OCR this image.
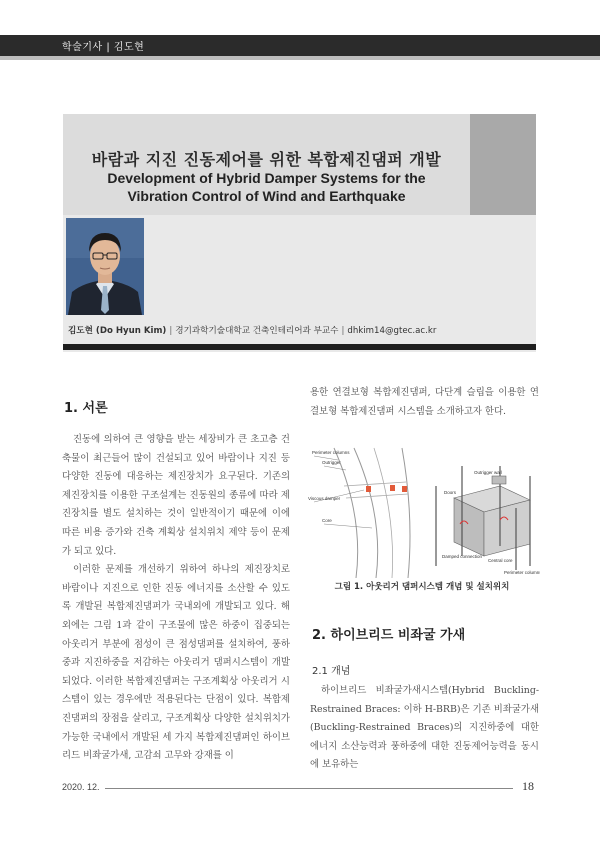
학술기사 | 김도현
바람과 지진 진동제어를 위한 복합제진댐퍼 개발
Development of Hybrid Damper Systems for the
Vibration Control of Wind and Earthquake
김도현 (Do Hyun Kim) | 경기과학기술대학교 건축인테리어과 부교수 | dhkim14@gtec.ac.kr
1. 서론

진동에 의하여 큰 영향을 받는 세장비가 큰 초고층 건축물이 최근들어 많이 건설되고 있어 바람이나 지진 등 다양한 진동에 대응하는 제진장치가 요구된다. 기존의 제진장치를 이용한 구조설계는 진동원의 종류에 따라 제진장치를 별도 설치하는 것이 일반적이기 때문에 이에 따른 비용 증가와 건축 계획상 설치위치 제약 등이 문제가 되고 있다.

이러한 문제를 개선하기 위하여 하나의 제진장치로 바람이나 지진으로 인한 진동 에너지를 소산할 수 있도록 개발된 복합제진댐퍼가 국내외에 개발되고 있다. 해외에는 그림 1과 같이 구조물에 많은 하중이 집중되는 아웃리거 부분에 점성이 큰 점성댐퍼를 설치하여, 풍하중과 지진하중을 저감하는 아웃리거 댐퍼시스템이 개발되었다. 이러한 복합제진댐퍼는 구조계획상 아웃리거 시스템이 있는 경우에만 적용된다는 단점이 있다. 복합제진댐퍼의 장점을 살리고, 구조계획상 다양한 설치위치가 가능한 국내에서 개발된 세 가지 복합제진댐퍼인 하이브리드 비좌굴가새, 고감쇠 고무와 강재를 이

용한 연결보형 복합제진댐퍼, 다단계 슬립을 이용한 연결보형 복합제진댐퍼 시스템을 소개하고자 한다.

Perimeter columns
Outrigger
Viscous damper
Core
Outrigger wall
Doors
Damped connection
Central core
Perimeter columns
그림 1. 아웃리거 댐퍼시스템 개념 및 설치위치
2. 하이브리드 비좌굴 가새
2.1 개념

하이브리드 비좌굴가새시스템(Hybrid Buckling-Restrained Braces: 이하 H-BRB)은 기존 비좌굴가새(Buckling-Restrained Braces)의 지진하중에 대한 에너지 소산능력과 풍하중에 대한 진동제어능력을 동시에 보유하는

2020. 12.	18
